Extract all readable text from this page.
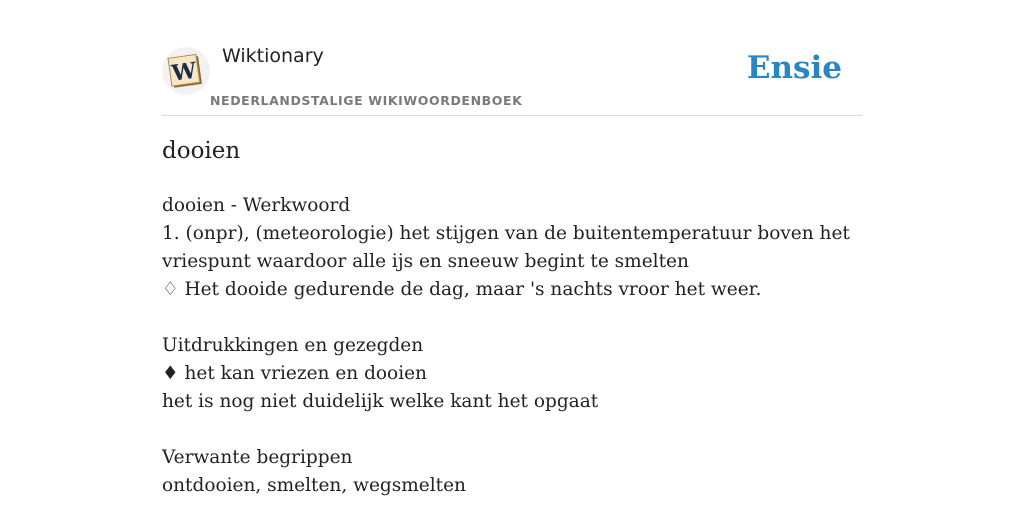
W
Wiktionary
NEDERLANDSTALIGE WIKIWOORDENBOEK
Ensie
dooien
dooien - Werkwoord
1. (onpr), (meteorologie) het stijgen van de buitentemperatuur boven het
vriespunt waardoor alle ijs en sneeuw begint te smelten
♢ Het dooide gedurende de dag, maar 's nachts vroor het weer.
Uitdrukkingen en gezegden
♦ het kan vriezen en dooien
het is nog niet duidelijk welke kant het opgaat
Verwante begrippen
ontdooien, smelten, wegsmelten
